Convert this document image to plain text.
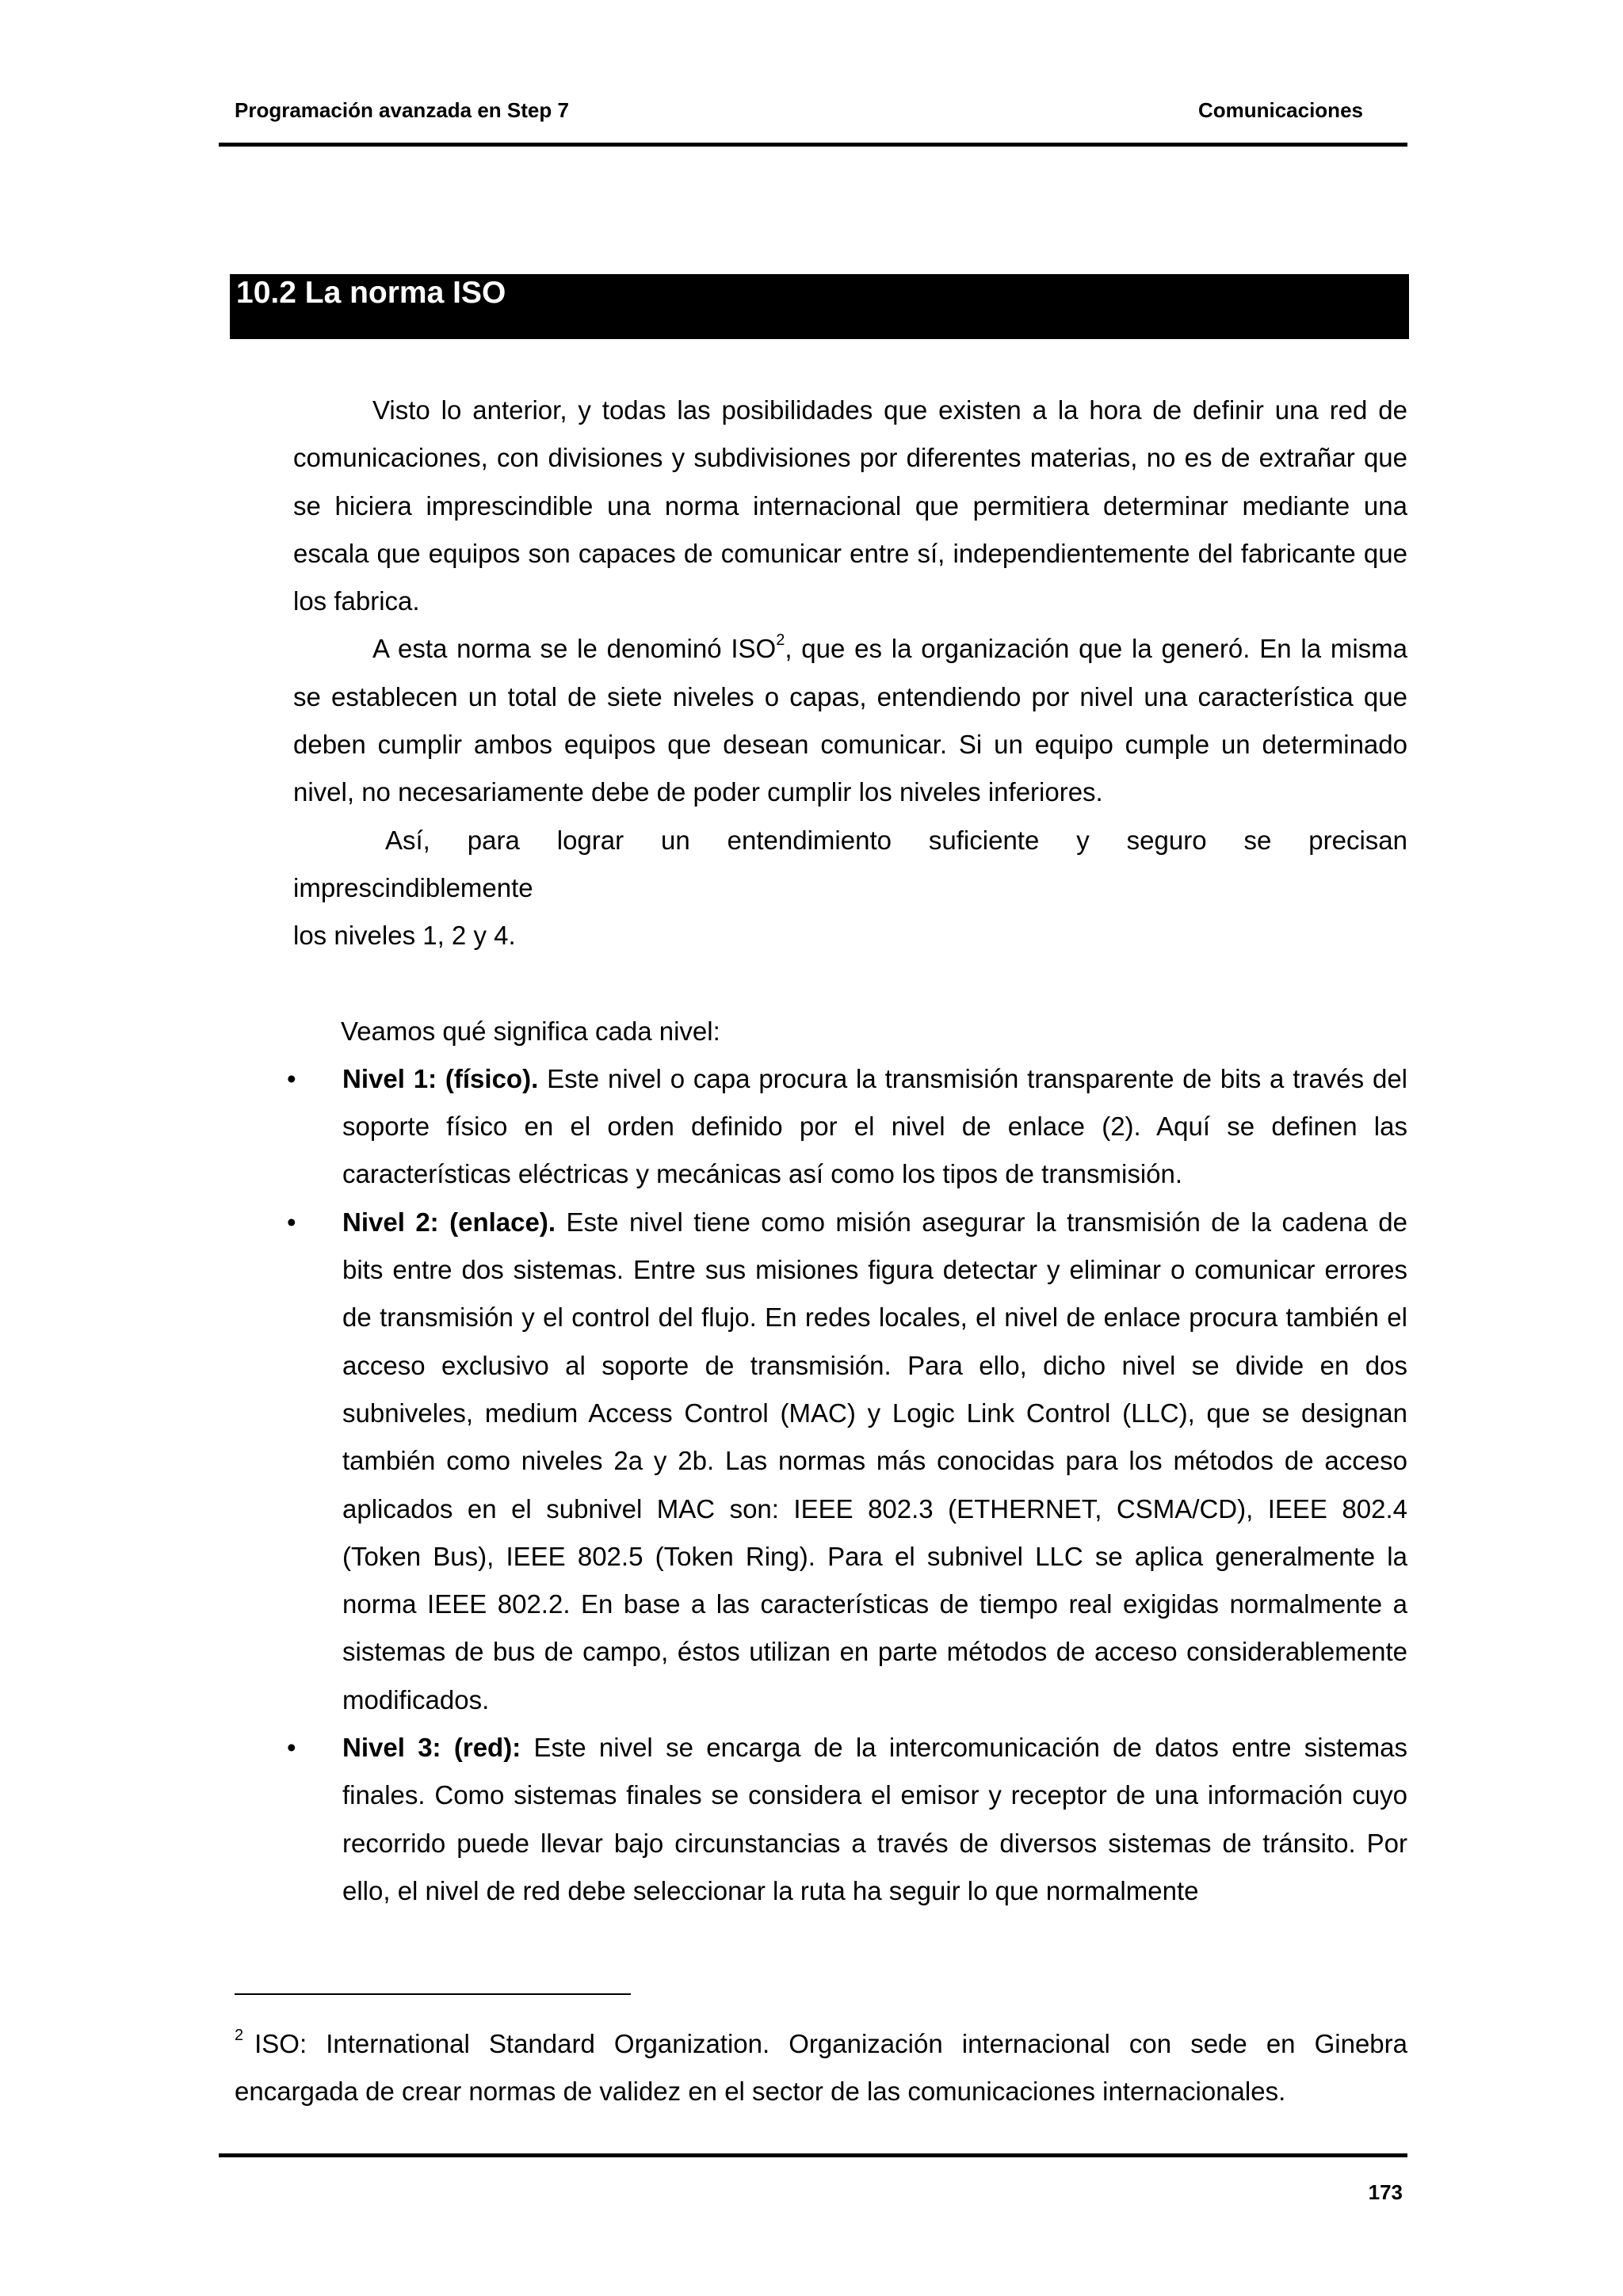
Programación avanzada en Step 7	Comunicaciones
10.2 La norma ISO

Visto lo anterior, y todas las posibilidades que existen a la hora de definir una red de comunicaciones, con divisiones y subdivisiones por diferentes materias, no es de extrañar que se hiciera imprescindible una norma internacional que permitiera determinar mediante una escala que equipos son capaces de comunicar entre sí, independientemente del fabricante que los fabrica.

A esta norma se le denominó ISO$^2$, que es la organización que la generó. En la misma se establecen un total de siete niveles o capas, entendiendo por nivel una característica que deben cumplir ambos equipos que desean comunicar. Si un equipo cumple un determinado nivel, no necesariamente debe de poder cumplir los niveles inferiores.

Así, para lograr un entendimiento suficiente y seguro se precisan

imprescindiblemente

los niveles 1, 2 y 4.

Veamos qué significa cada nivel:

• Nivel 1: (físico). Este nivel o capa procura la transmisión transparente de bits a través del soporte físico en el orden definido por el nivel de enlace (2). Aquí se definen las características eléctricas y mecánicas así como los tipos de transmisión.
• Nivel 2: (enlace). Este nivel tiene como misión asegurar la transmisión de la cadena de bits entre dos sistemas. Entre sus misiones figura detectar y eliminar o comunicar errores de transmisión y el control del flujo. En redes locales, el nivel de enlace procura también el acceso exclusivo al soporte de transmisión. Para ello, dicho nivel se divide en dos subniveles, medium Access Control (MAC) y Logic Link Control (LLC), que se designan también como niveles 2a y 2b. Las normas más conocidas para los métodos de acceso aplicados en el subnivel MAC son: IEEE 802.3 (ETHERNET, CSMA/CD), IEEE 802.4 (Token Bus), IEEE 802.5 (Token Ring). Para el subnivel LLC se aplica generalmente la norma IEEE 802.2. En base a las características de tiempo real exigidas normalmente a sistemas de bus de campo, éstos utilizan en parte métodos de acceso considerablemente modificados.
• Nivel 3: (red): Este nivel se encarga de la intercomunicación de datos entre sistemas finales. Como sistemas finales se considera el emisor y receptor de una información cuyo recorrido puede llevar bajo circunstancias a través de diversos sistemas de tránsito. Por ello, el nivel de red debe seleccionar la ruta ha seguir lo que normalmente
$^2$ ISO: International Standard Organization. Organización internacional con sede en Ginebra encargada de crear normas de validez en el sector de las comunicaciones internacionales.
173
